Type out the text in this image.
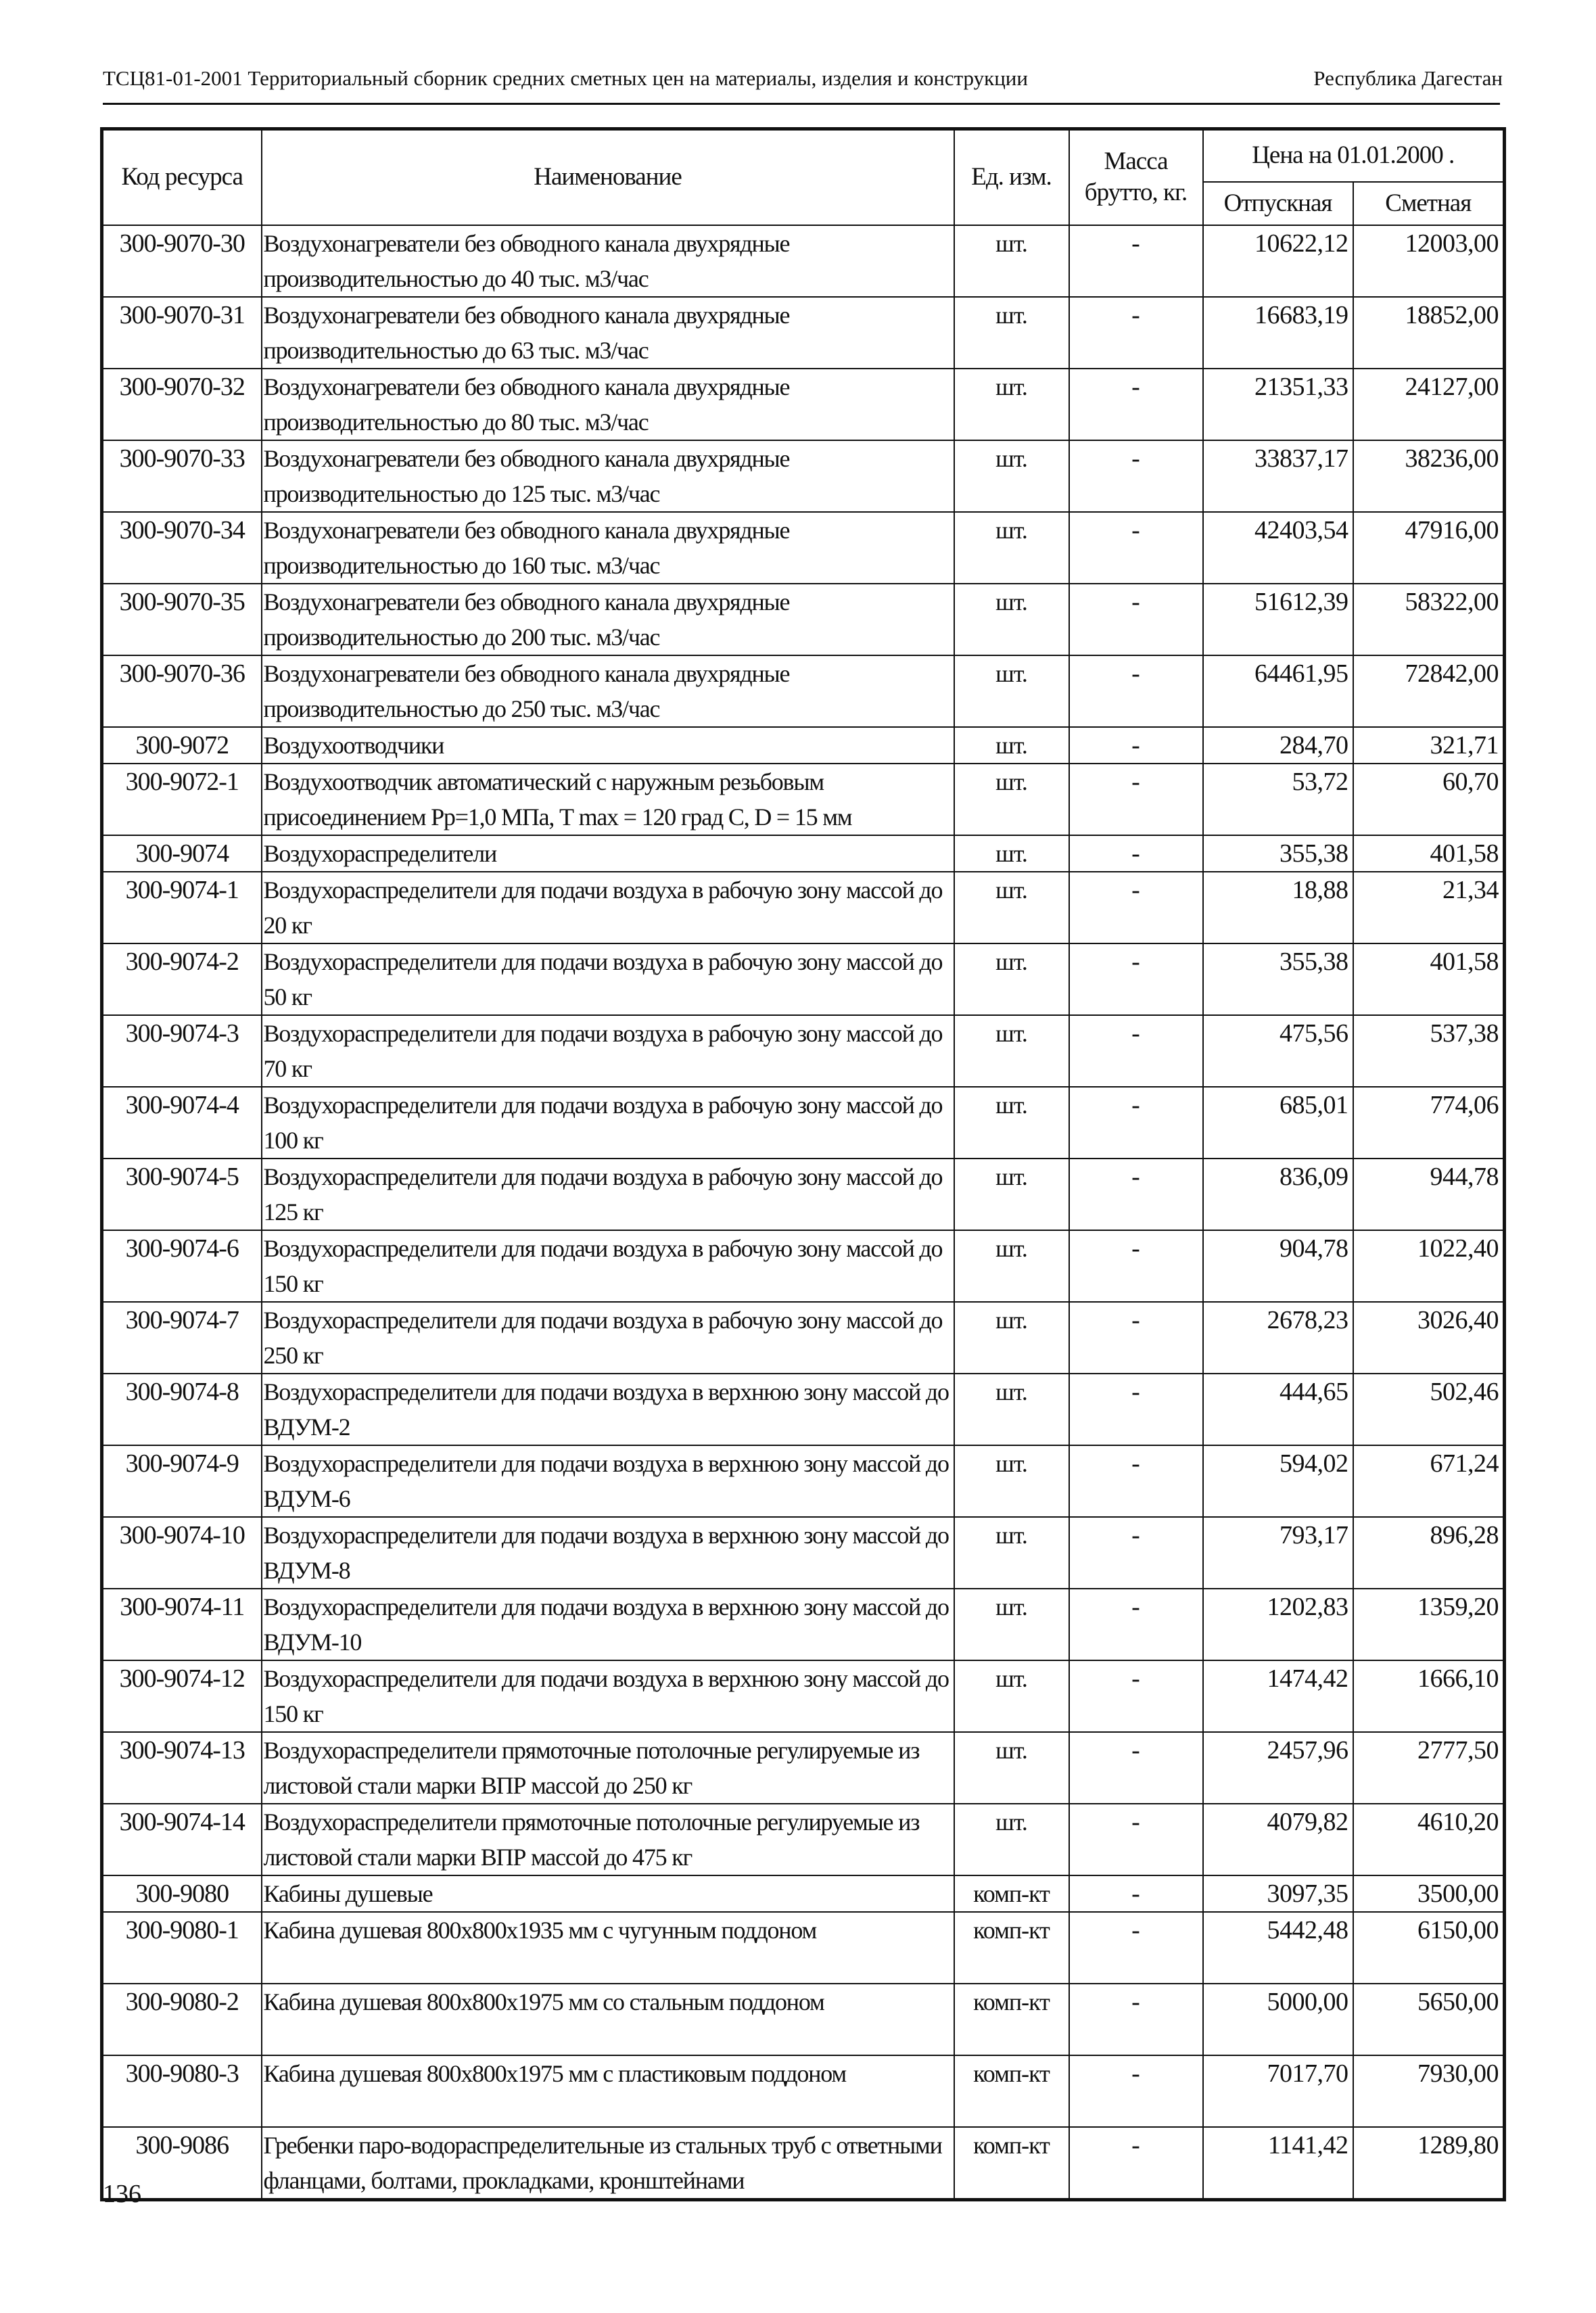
ТСЦ81-01-2001 Территориальный сборник средних сметных цен на материалы, изделия и конструкции	Республика Дагестан
Код ресурса	Наименование	Ед. изм.	Масса брутто, кг.	Цена на 01.01.2000 .	
				Отпускная	Сметная
300-9070-30	Воздухонагреватели без обводного канала двухрядные производительностью до 40 тыс. м3/час	шт.	-	10622,12	12003,00
300-9070-31	Воздухонагреватели без обводного канала двухрядные производительностью до 63 тыс. м3/час	шт.	-	16683,19	18852,00
300-9070-32	Воздухонагреватели без обводного канала двухрядные производительностью до 80 тыс. м3/час	шт.	-	21351,33	24127,00
300-9070-33	Воздухонагреватели без обводного канала двухрядные производительностью до 125 тыс. м3/час	шт.	-	33837,17	38236,00
300-9070-34	Воздухонагреватели без обводного канала двухрядные производительностью до 160 тыс. м3/час	шт.	-	42403,54	47916,00
300-9070-35	Воздухонагреватели без обводного канала двухрядные производительностью до 200 тыс. м3/час	шт.	-	51612,39	58322,00
300-9070-36	Воздухонагреватели без обводного канала двухрядные производительностью до 250 тыс. м3/час	шт.	-	64461,95	72842,00
300-9072	Воздухоотводчики	шт.	-	284,70	321,71
300-9072-1	Воздухоотводчик автоматический с наружным резьбовым присоединением Рр=1,0 МПа, Т max = 120 град С, D = 15 мм	шт.	-	53,72	60,70
300-9074	Воздухораспределители	шт.	-	355,38	401,58
300-9074-1	Воздухораспределители для подачи воздуха в рабочую зону массой до 20 кг	шт.	-	18,88	21,34
300-9074-2	Воздухораспределители для подачи воздуха в рабочую зону массой до 50 кг	шт.	-	355,38	401,58
300-9074-3	Воздухораспределители для подачи воздуха в рабочую зону массой до 70 кг	шт.	-	475,56	537,38
300-9074-4	Воздухораспределители для подачи воздуха в рабочую зону массой до 100 кг	шт.	-	685,01	774,06
300-9074-5	Воздухораспределители для подачи воздуха в рабочую зону массой до 125 кг	шт.	-	836,09	944,78
300-9074-6	Воздухораспределители для подачи воздуха в рабочую зону массой до 150 кг	шт.	-	904,78	1022,40
300-9074-7	Воздухораспределители для подачи воздуха в рабочую зону массой до 250 кг	шт.	-	2678,23	3026,40
300-9074-8	Воздухораспределители для подачи воздуха в верхнюю зону массой до ВДУМ-2	шт.	-	444,65	502,46
300-9074-9	Воздухораспределители для подачи воздуха в верхнюю зону массой до ВДУМ-6	шт.	-	594,02	671,24
300-9074-10	Воздухораспределители для подачи воздуха в верхнюю зону массой до ВДУМ-8	шт.	-	793,17	896,28
300-9074-11	Воздухораспределители для подачи воздуха в верхнюю зону массой до ВДУМ-10	шт.	-	1202,83	1359,20
300-9074-12	Воздухораспределители для подачи воздуха в верхнюю зону массой до 150 кг	шт.	-	1474,42	1666,10
300-9074-13	Воздухораспределители прямоточные потолочные регулируемые из листовой стали марки ВПР массой до 250 кг	шт.	-	2457,96	2777,50
300-9074-14	Воздухораспределители прямоточные потолочные регулируемые из листовой стали марки ВПР массой до 475 кг	шт.	-	4079,82	4610,20
300-9080	Кабины душевые	комп-кт	-	3097,35	3500,00
300-9080-1	Кабина душевая 800x800x1935 мм с чугунным поддоном	комп-кт	-	5442,48	6150,00
300-9080-2	Кабина душевая 800x800x1975 мм со стальным поддоном	комп-кт	-	5000,00	5650,00
300-9080-3	Кабина душевая 800x800x1975 мм с пластиковым поддоном	комп-кт	-	7017,70	7930,00
300-9086	Гребенки паро-водораспределительные из стальных труб с ответными фланцами, болтами, прокладками, кронштейнами	комп-кт	-	1141,42	1289,80
136
